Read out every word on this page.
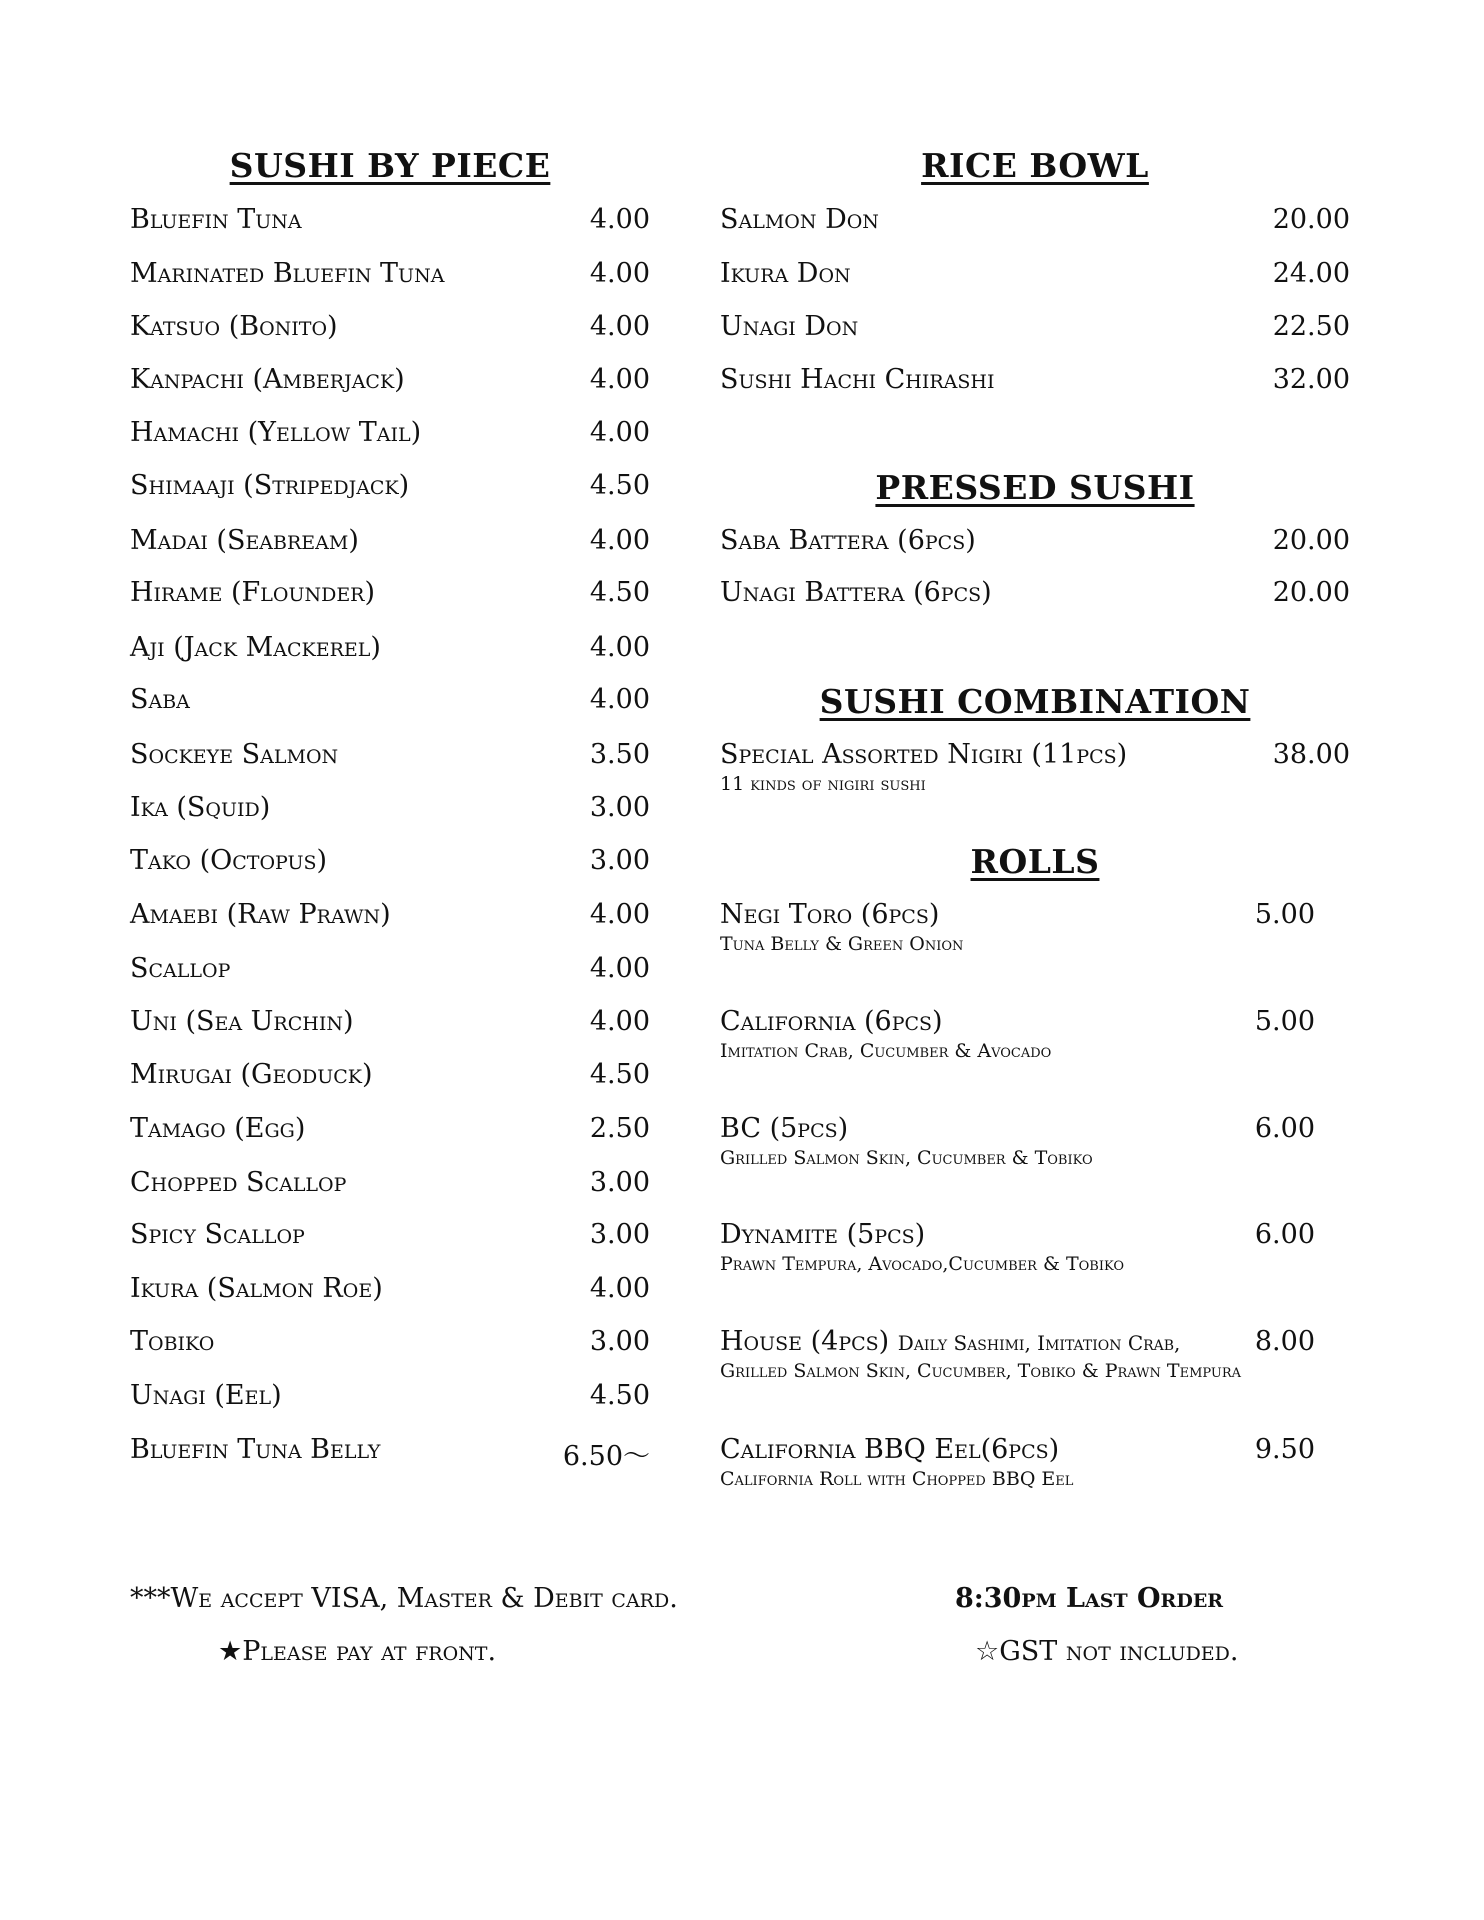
SUSHI BY PIECE
Bluefin Tuna	4.00
Marinated Bluefin Tuna	4.00
Katsuo (Bonito)	4.00
Kanpachi (Amberjack)	4.00
Hamachi (Yellow Tail)	4.00
Shimaaji (Stripedjack)	4.50
Madai (Seabream)	4.00
Hirame (Flounder)	4.50
Aji (Jack Mackerel)	4.00
Saba	4.00
Sockeye Salmon	3.50
Ika (Squid)	3.00
Tako (Octopus)	3.00
Amaebi (Raw Prawn)	4.00
Scallop	4.00
Uni (Sea Urchin)	4.00
Mirugai (Geoduck)	4.50
Tamago (Egg)	2.50
Chopped Scallop	3.00
Spicy Scallop	3.00
Ikura (Salmon Roe)	4.00
Tobiko	3.00
Unagi (Eel)	4.50
Bluefin Tuna Belly	6.50～
RICE BOWL
Salmon Don	20.00
Ikura Don	24.00
Unagi Don	22.50
Sushi Hachi Chirashi	32.00
PRESSED SUSHI
Saba Battera (6pcs)	20.00
Unagi Battera (6pcs)	20.00
SUSHI COMBINATION
Special Assorted Nigiri (11pcs)	38.00
11 kinds of nigiri sushi
ROLLS
Negi Toro (6pcs)	5.00
Tuna Belly & Green Onion
California (6pcs)	5.00
Imitation Crab, Cucumber & Avocado
BC (5pcs)	6.00
Grilled Salmon Skin, Cucumber & Tobiko
Dynamite (5pcs)	6.00
Prawn Tempura, Avocado,Cucumber & Tobiko
House (4pcs) Daily Sashimi, Imitation Crab,	8.00
Grilled Salmon Skin, Cucumber, Tobiko & Prawn Tempura
California BBQ Eel(6pcs)	9.50
California Roll with Chopped BBQ Eel
***We accept VISA, Master & Debit card.
★Please pay at front.
8:30pm Last Order
☆GST not included.
